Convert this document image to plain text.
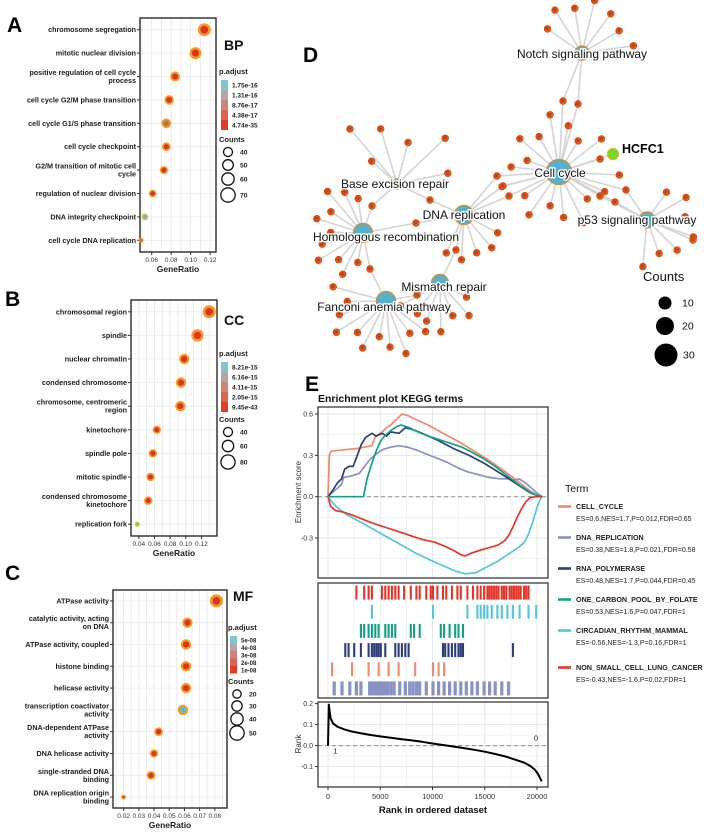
0.06 0.08 0.10 0.12
GeneRatio
chromosome segregation
mitotic nuclear division
positive regulation of cell cycle
process
cell cycle G2/M phase transition
cell cycle G1/S phase transition
cell cycle checkpoint
G2/M transition of mitotic cell
cycle
regulation of nuclear division
DNA integrity checkpoint
cell cycle DNA replication
BP
p.adjust
1.75e-16
1.31e-16
8.76e-17
4.38e-17
4.74e-35
Counts
40
50
60
70
0.04 0.06 0.08 0.10 0.12
GeneRatio
chromosomal region
spindle
nuclear chromatin
condensed chromosome
chromosome, centromeric
region
kinetochore
spindle pole
mitotic spindle
condensed chromosome
kinetochore
replication fork
CC
p.adjust
8.21e-15
6.16e-15
4.11e-15
2.05e-15
9.45e-43
Counts
40
60
80
0.02 0.03 0.04 0.05 0.06 0.07 0.08
GeneRatio
ATPase activity
catalytic activity, acting
on DNA
ATPase activity, coupled
histone binding
helicase activity
transcription coactivator
activity
DNA-dependent ATPase
activity
DNA helicase activity
single-stranded DNA
binding
DNA replication origin
binding
MF
p.adjust
5e-08
4e-08
3e-08
2e-08
1e-08
Counts
20
30
40
50
Notch signaling pathway
Cell cycle
Base excision repair
DNA replication
Homologous recombination
Mismatch repair
Fanconi anemia pathway
p53 signaling pathway
HCFC1
10
20
30
1
0
0.6
0.3
0.0
-0.3
0.2
0.1
0.0
-0.1
0	5000	10000	15000	20000
CELL_CYCLE
ES=0.6,NES=1.7,P=0.012,FDR=0.65
DNA_REPLICATION
ES=0.38,NES=1.8,P=0.021,FDR=0.58
RNA_POLYMERASE
ES=0.48,NES=1.7,P=0.044,FDR=0.45
ONE_CARBON_POOL_BY_FOLATE
ES=0.53,NES=1.6,P=0.047,FDR=1
CIRCADIAN_RHYTHM_MAMMAL
ES=-0.56,NES=-1.3,P=0.16,FDR=1
NON_SMALL_CELL_LUNG_CANCER
ES=-0.43,NES=-1.6,P=0.02,FDR=1
A
B
C
D
E
Enrichment plot KEGG terms
Term
Counts
Rank in ordered dataset
Enrichment score
Rank
